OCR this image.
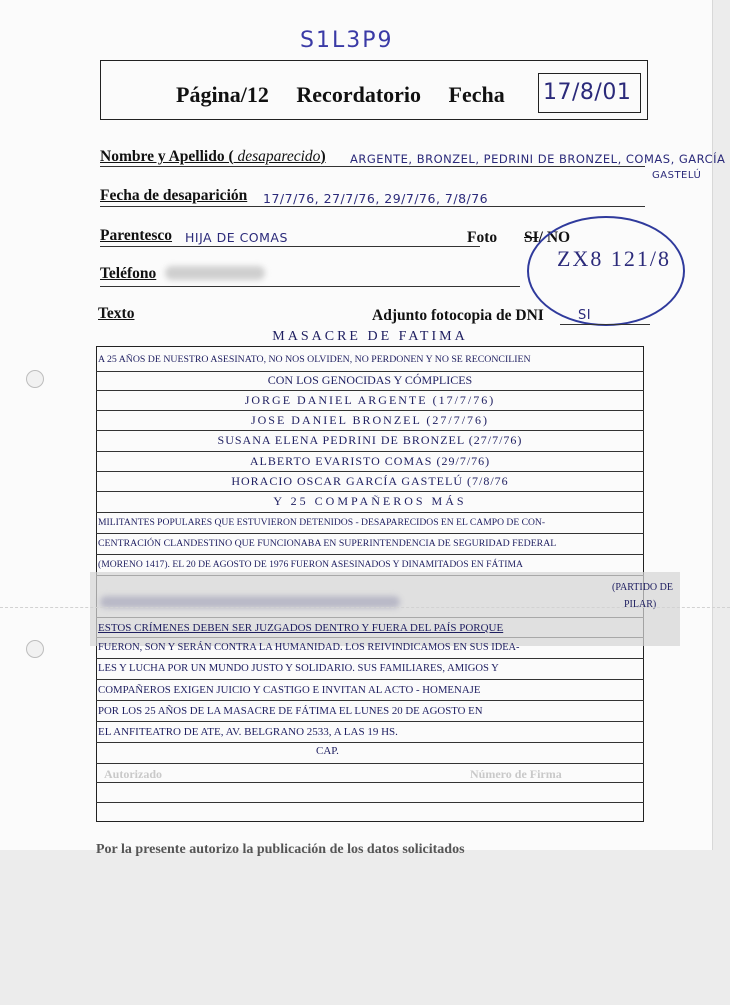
S1L3P9
Página/12 Recordatorio Fecha	17/8/01
Nombre y Apellido ( desaparecido) ARGENTE, BRONZEL, PEDRINI DE BRONZEL, COMAS, GARCÍA
GASTELÚ
Fecha de desaparición 17/7/76, 27/7/76, 29/7/76, 7/8/76
Parentesco HIJA DE COMAS	Foto SI/ NO
ZX8 121/8
Teléfono
Texto	Adjunto fotocopia de DNI	SI
MASACRE DE FATIMA
A 25 AÑOS DE NUESTRO ASESINATO, NO NOS OLVIDEN, NO PERDONEN Y NO SE RECONCILIEN
CON LOS GENOCIDAS Y CÓMPLICES
JORGE DANIEL ARGENTE (17/7/76)
JOSE DANIEL BRONZEL (27/7/76)
SUSANA ELENA PEDRINI DE BRONZEL (27/7/76)
ALBERTO EVARISTO COMAS (29/7/76)
HORACIO OSCAR GARCÍA GASTELÚ (7/8/76
Y 25 COMPAÑEROS MÁS
MILITANTES POPULARES QUE ESTUVIERON DETENIDOS - DESAPARECIDOS EN EL CAMPO DE CON-
CENTRACIÓN CLANDESTINO QUE FUNCIONABA EN SUPERINTENDENCIA DE SEGURIDAD FEDERAL
(MORENO 1417). EL 20 DE AGOSTO DE 1976 FUERON ASESINADOS Y DINAMITADOS EN FÁTIMA
(PARTIDO DE
PILAR)
ESTOS CRÍMENES DEBEN SER JUZGADOS DENTRO Y FUERA DEL PAÍS PORQUE
FUERON, SON Y SERÁN CONTRA LA HUMANIDAD. LOS REIVINDICAMOS EN SUS IDEA-
LES Y LUCHA POR UN MUNDO JUSTO Y SOLIDARIO. SUS FAMILIARES, AMIGOS Y
COMPAÑEROS EXIGEN JUICIO Y CASTIGO E INVITAN AL ACTO - HOMENAJE
POR LOS 25 AÑOS DE LA MASACRE DE FÁTIMA EL LUNES 20 DE AGOSTO EN
EL ANFITEATRO DE ATE, AV. BELGRANO 2533, A LAS 19 HS.
CAP.
Autorizado	Número de Firma
Por la presente autorizo la publicación de los datos solicitados
